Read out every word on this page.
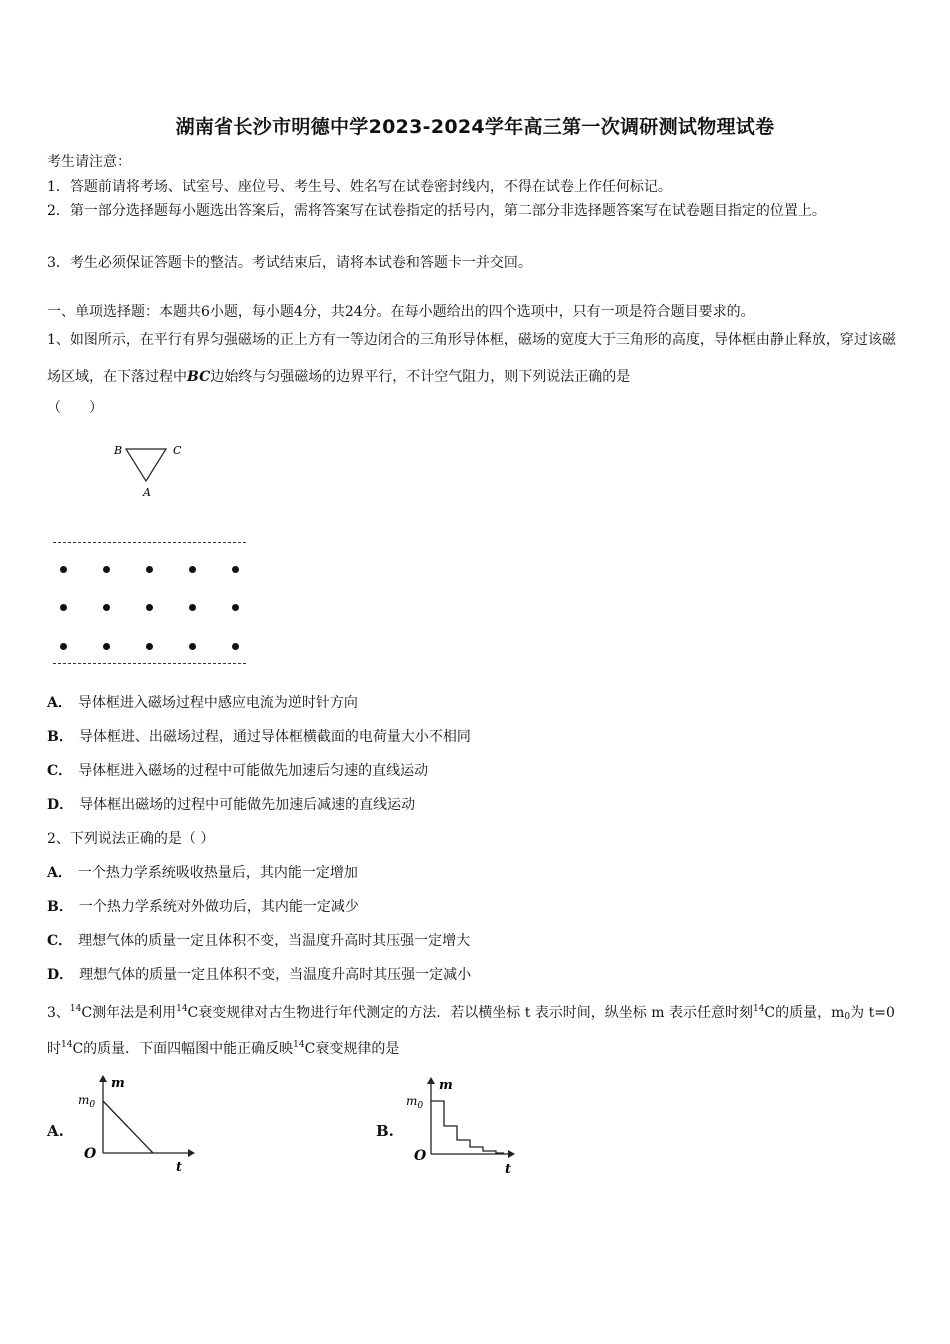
湖南省长沙市明德中学2023-2024学年高三第一次调研测试物理试卷
考生请注意：
1．答题前请将考场、试室号、座位号、考生号、姓名写在试卷密封线内，不得在试卷上作任何标记。
2．第一部分选择题每小题选出答案后，需将答案写在试卷指定的括号内，第二部分非选择题答案写在试卷题目指定的位置上。
3．考生必须保证答题卡的整洁。考试结束后，请将本试卷和答题卡一并交回。
一、单项选择题：本题共6小题，每小题4分，共24分。在每小题给出的四个选项中，只有一项是符合题目要求的。
1、如图所示，在平行有界匀强磁场的正上方有一等边闭合的三角形导体框，磁场的宽度大于三角形的高度，导体框由静止释放，穿过该磁场区域，在下落过程中BC边始终与匀强磁场的边界平行，不计空气阻力，则下列说法正确的是
（　　）
B	C
A
A． 导体框进入磁场过程中感应电流为逆时针方向
B． 导体框进、出磁场过程，通过导体框横截面的电荷量大小不相同
C． 导体框进入磁场的过程中可能做先加速后匀速的直线运动
D． 导体框出磁场的过程中可能做先加速后减速的直线运动
2、下列说法正确的是（ ）
A． 一个热力学系统吸收热量后，其内能一定增加
B． 一个热力学系统对外做功后，其内能一定减少
C． 理想气体的质量一定且体积不变，当温度升高时其压强一定增大
D． 理想气体的质量一定且体积不变，当温度升高时其压强一定减小
3、$^{14}$C测年法是利用$^{14}$C衰变规律对古生物进行年代测定的方法．若以横坐标 t 表示时间，纵坐标 m 表示任意时刻$^{14}$C的质量，$m_0$为 t=0 时$^{14}$C的质量．下面四幅图中能正确反映$^{14}$C衰变规律的是
A.
m
t
O
$m_0$
B.
m
t
O
$m_0$
